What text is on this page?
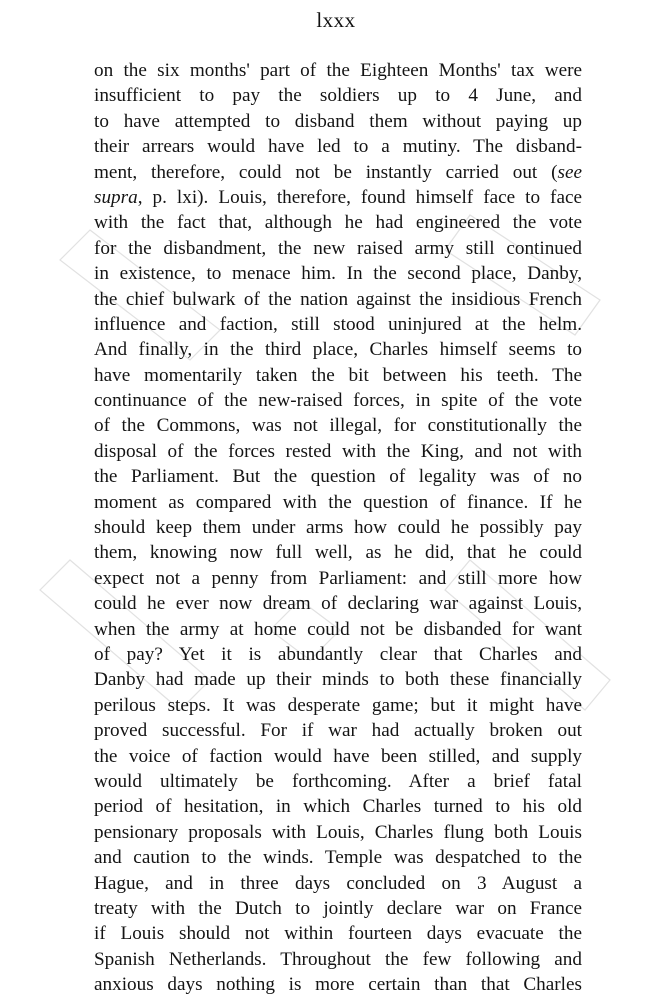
lxxx
on the six months' part of the Eighteen Months' tax were
insufficient to pay the soldiers up to 4 June, and
to have attempted to disband them without paying up
their arrears would have led to a mutiny. The disband-
ment, therefore, could not be instantly carried out (see
supra, p. lxi). Louis, therefore, found himself face to face
with the fact that, although he had engineered the vote
for the disbandment, the new raised army still continued
in existence, to menace him. In the second place, Danby,
the chief bulwark of the nation against the insidious French
influence and faction, still stood uninjured at the helm.
And finally, in the third place, Charles himself seems to
have momentarily taken the bit between his teeth. The
continuance of the new-raised forces, in spite of the vote
of the Commons, was not illegal, for constitutionally the
disposal of the forces rested with the King, and not with
the Parliament. But the question of legality was of no
moment as compared with the question of finance. If he
should keep them under arms how could he possibly pay
them, knowing now full well, as he did, that he could
expect not a penny from Parliament: and still more how
could he ever now dream of declaring war against Louis,
when the army at home could not be disbanded for want
of pay? Yet it is abundantly clear that Charles and
Danby had made up their minds to both these financially
perilous steps. It was desperate game; but it might have
proved successful. For if war had actually broken out
the voice of faction would have been stilled, and supply
would ultimately be forthcoming. After a brief fatal
period of hesitation, in which Charles turned to his old
pensionary proposals with Louis, Charles flung both Louis
and caution to the winds. Temple was despatched to the
Hague, and in three days concluded on 3 August a
treaty with the Dutch to jointly declare war on France
if Louis should not within fourteen days evacuate the
Spanish Netherlands. Throughout the few following and
anxious days nothing is more certain than that Charles
